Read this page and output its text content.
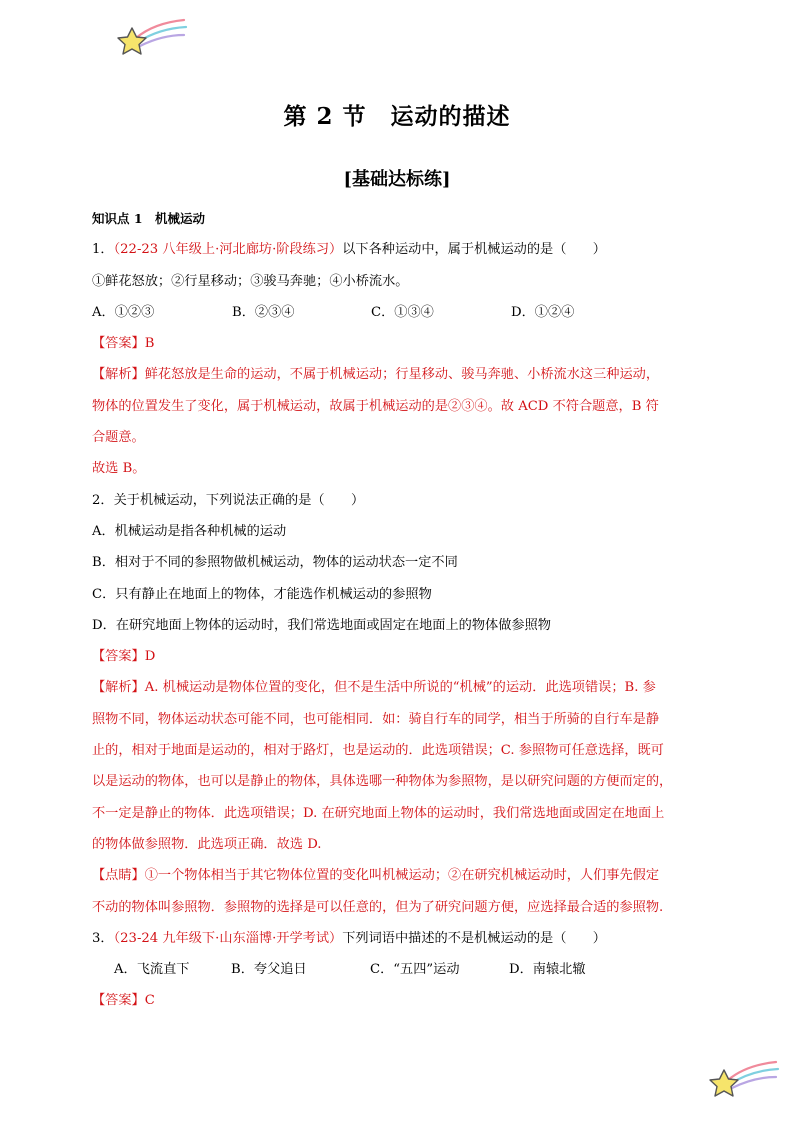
第 2 节　运动的描述
[基础达标练]
知识点 1　机械运动
1．（22-23 八年级上·河北廊坊·阶段练习）以下各种运动中，属于机械运动的是（　　）
①鲜花怒放；②行星移动；③骏马奔驰；④小桥流水。
A．①②③	B．②③④	C．①③④	D．①②④
【答案】B
【解析】鲜花怒放是生命的运动，不属于机械运动；行星移动、骏马奔驰、小桥流水这三种运动，
物体的位置发生了变化，属于机械运动，故属于机械运动的是②③④。故 ACD 不符合题意，B 符
合题意。
故选 B。
2．关于机械运动，下列说法正确的是（　　）
A．机械运动是指各种机械的运动
B．相对于不同的参照物做机械运动，物体的运动状态一定不同
C．只有静止在地面上的物体，才能选作机械运动的参照物
D．在研究地面上物体的运动时，我们常选地面或固定在地面上的物体做参照物
【答案】D
【解析】A. 机械运动是物体位置的变化，但不是生活中所说的“机械”的运动．此选项错误；B. 参
照物不同，物体运动状态可能不同，也可能相同．如：骑自行车的同学，相当于所骑的自行车是静
止的，相对于地面是运动的，相对于路灯，也是运动的．此选项错误；C. 参照物可任意选择，既可
以是运动的物体，也可以是静止的物体，具体选哪一种物体为参照物，是以研究问题的方便而定的，
不一定是静止的物体．此选项错误；D. 在研究地面上物体的运动时，我们常选地面或固定在地面上
的物体做参照物．此选项正确．故选 D.
【点睛】①一个物体相当于其它物体位置的变化叫机械运动；②在研究机械运动时，人们事先假定
不动的物体叫参照物．参照物的选择是可以任意的，但为了研究问题方便，应选择最合适的参照物.
3．（23-24 九年级下·山东淄博·开学考试）下列词语中描述的不是机械运动的是（　　）
A．飞流直下	B．夸父追日	C．“五四”运动	D．南辕北辙
【答案】C
